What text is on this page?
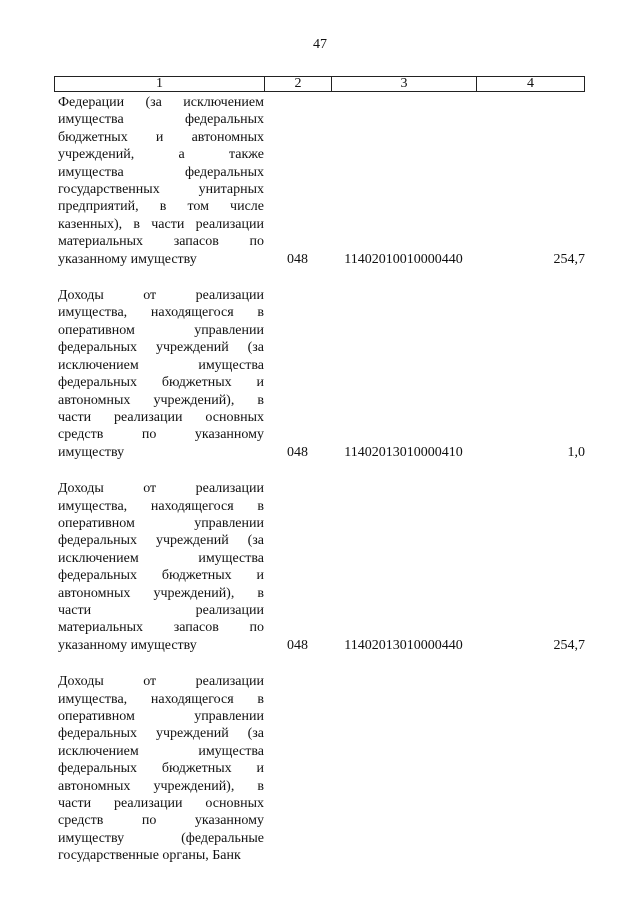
47
1	2	3	4
Федерации (за исключением
имущества федеральных
бюджетных и автономных
учреждений, а также
имущества федеральных
государственных унитарных
предприятий, в том числе
казенных), в части реализации
материальных запасов по
указанному имуществу	048	11402010010000440	254,7
Доходы от реализации
имущества, находящегося в
оперативном управлении
федеральных учреждений (за
исключением имущества
федеральных бюджетных и
автономных учреждений), в
части реализации основных
средств по указанному
имуществу	048	11402013010000410	1,0
Доходы от реализации
имущества, находящегося в
оперативном управлении
федеральных учреждений (за
исключением имущества
федеральных бюджетных и
автономных учреждений), в
части реализации
материальных запасов по
указанному имуществу	048	11402013010000440	254,7
Доходы от реализации
имущества, находящегося в
оперативном управлении
федеральных учреждений (за
исключением имущества
федеральных бюджетных и
автономных учреждений), в
части реализации основных
средств по указанному
имуществу (федеральные
государственные органы, Банк
